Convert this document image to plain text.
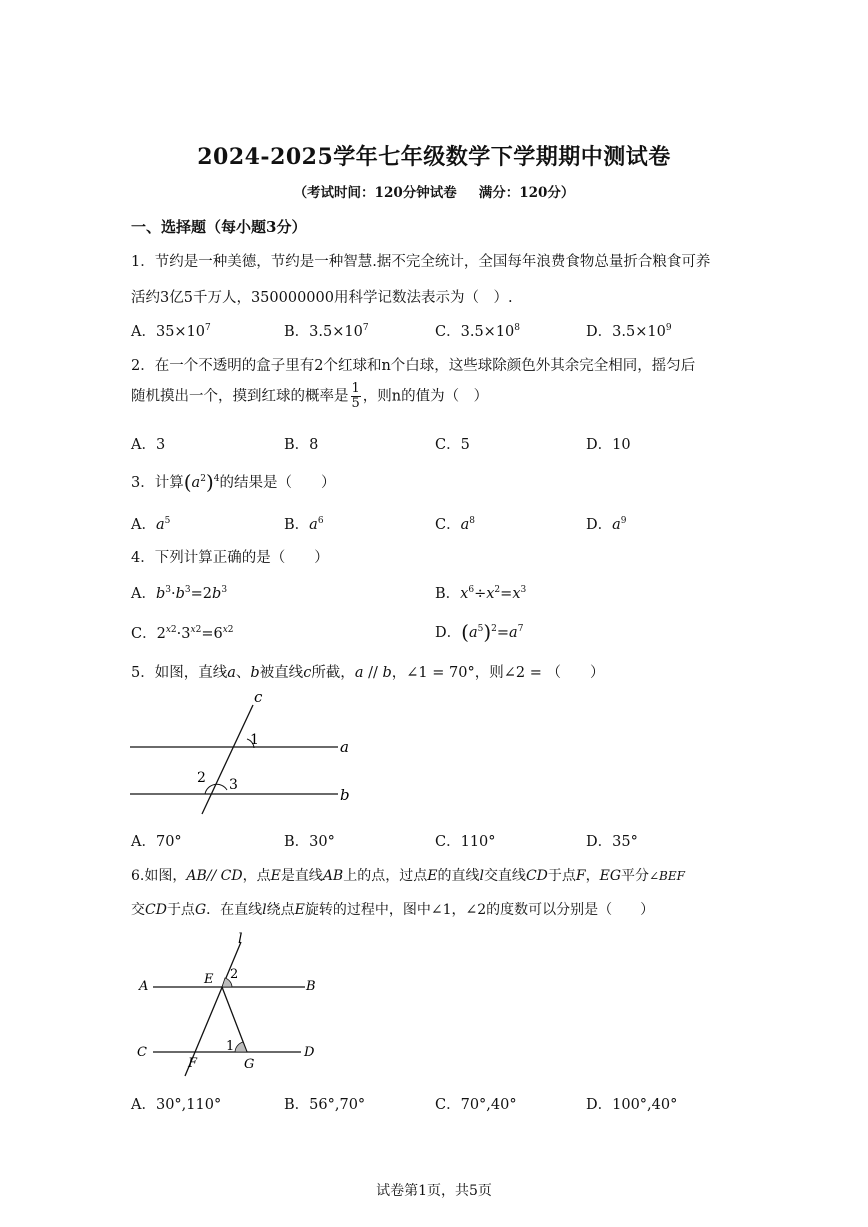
2024-2025学年七年级数学下学期期中测试卷
（考试时间：120分钟试卷 满分：120分）
一、选择题（每小题3分）
1．节约是一种美德，节约是一种智慧.据不完全统计，全国每年浪费食物总量折合粮食可养
活约3亿5千万人，350000000用科学记数法表示为（　）.
A．$35\times 10^7$	B．$3.5\times 10^7$	C．$3.5\times 10^8$	D．$3.5\times 10^9$
2．在一个不透明的盒子里有2个红球和n个白球，这些球除颜色外其余完全相同，摇匀后
随机摸出一个，摸到红球的概率是 $\frac{1}{5}$ ，则n的值为（　）
A．3	B．8	C．5	D．10
3．计算$(a^2)^4$的结果是（　　）
A．$a^5$	B．$a^6$	C．$a^8$	D．$a^9$
4．下列计算正确的是（　　）
A．$b^3\cdot b^3=2b^3$	B．$x^6\div x^2=x^3$
C．$2^{x2}\cdot 3^{x2}=6^{x2}$	D．$(a^5)^2=a^7$
5．如图，直线a、b被直线c所截，a // b，∠1 = 70°，则∠2 = （　　）
c
a
b
1
2 3
A．70°	B．30°	C．110°	D．35°
6.如图，AB// CD，点E是直线AB上的点，过点E的直线l交直线CD于点F，EG平分∠BEF
交CD于点G．在直线l绕点E旋转的过程中，图中∠1，∠2的度数可以分别是（　　）
l
A	B
C	D
E
F	G
2
1
A．30°,110°	B．56°,70°	C．70°,40°	D．100°,40°
试卷第1页，共5页
